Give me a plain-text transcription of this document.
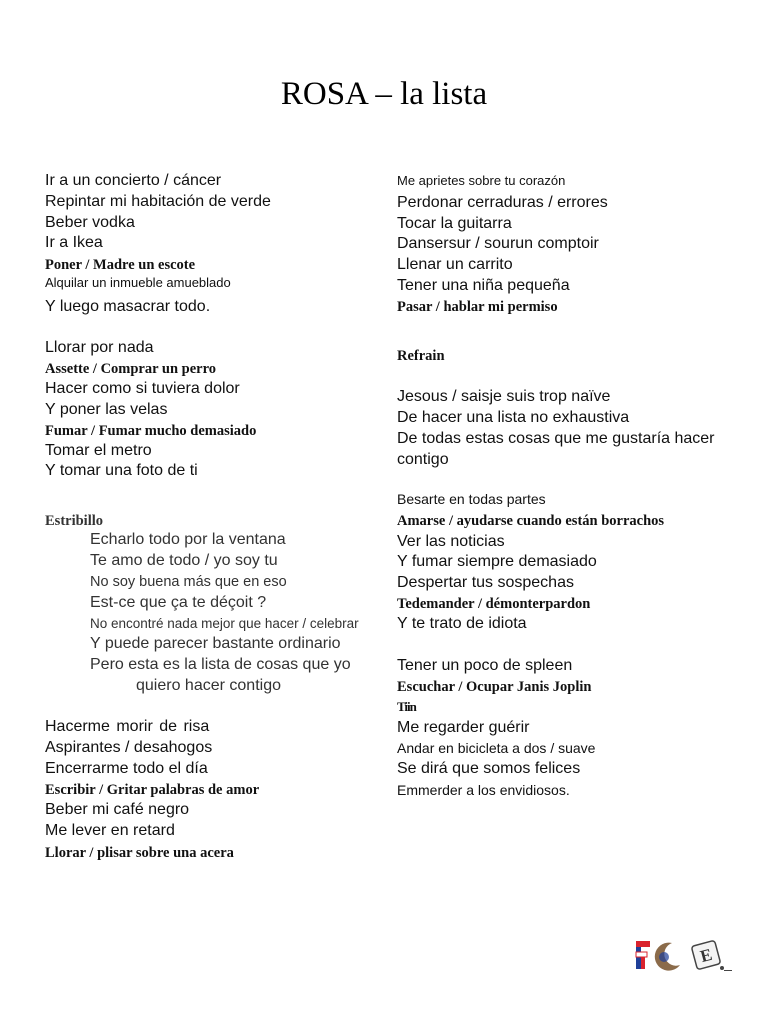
ROSA – la lista
Ir a un concierto / cáncer
Repintar mi habitación de verde
Beber vodka
Ir a Ikea
Poner / Madre un escote
Alquilar un inmueble amueblado
Y luego masacrar todo.
Llorar por nada
Assette / Comprar un perro
Hacer como si tuviera dolor
Y poner las velas
Fumar / Fumar mucho demasiado
Tomar el metro
Y tomar una foto de ti
Estribillo
Echarlo todo por la ventana
Te amo de todo / yo soy tu
No soy buena más que en eso
Est-ce que ça te déçoit ?
No encontré nada mejor que hacer / celebrar
Y puede parecer bastante ordinario
Pero esta es la lista de cosas que yo
quiero hacer contigo
Hacerme morir de risa
Aspirantes / desahogos
Encerrarme todo el día
Escribir / Gritar palabras de amor
Beber mi café negro
Me lever en retard
Llorar / plisar sobre una acera
Me aprietes sobre tu corazón
Perdonar cerraduras / errores
Tocar la guitarra
Dansersur / sourun comptoir
Llenar un carrito
Tener una niña pequeña
Pasar / hablar mi permiso
Refrain
Jesous / saisje suis trop naïve
De hacer una lista no exhaustiva
De todas estas cosas que me gustaría hacer
contigo
Besarte en todas partes
Amarse / ayudarse cuando están borrachos
Ver las noticias
Y fumar siempre demasiado
Despertar tus sospechas
Tedemander / démonterpardon
Y te trato de idiota
Tener un poco de spleen
Escuchar / Ocupar Janis Joplin
Tiin
Me regarder guérir
Andar en bicicleta a dos / suave
Se dirá que somos felices
Emmerder a los envidiosos.
E
